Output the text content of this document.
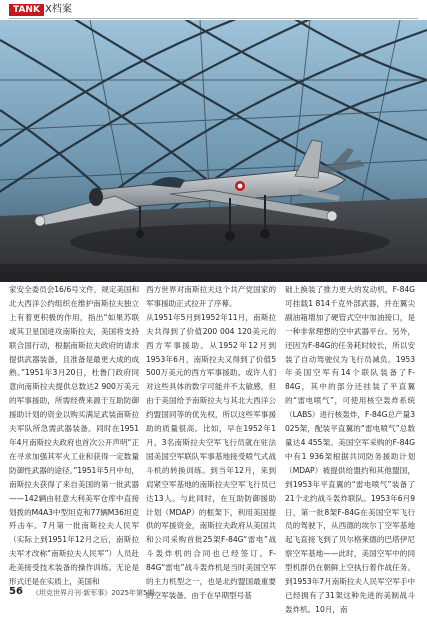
TANK X档案

家安全委员会16/6号文件，规定美国和北大西洋公约组织在维护南斯拉夫独立上有着更积极的作用，指出“如果苏联或其卫星国进攻南斯拉夫，美国将支持联合国行动，根据南斯拉夫政府的请求提供武器装备，且准备是最更大成的成熟。”1951年3月20日，杜鲁门政府同意向南斯拉夫提供总数达2 900万美元的军事援助，所需经费来源于互助防御援助计划的资金以购买满足武装南斯拉夫军队所急需武器装备。同时在1951年4月南斯拉夫政府也首次公开声明“正在寻求加强其军火工业和获得一定数量防御性武器的途径。”1951年5月中旬，南斯拉夫获得了来自美国的第一批武器——142辆由驻意大利美军仓库中直接划拨的M4A3中型坦克和77辆M36坦克歼击车。7月第一批南斯拉夫人民军（实际上到1951年12月之后，南斯拉夫军才改称“南斯拉夫人民军”）人员赴赴美接受技术装备的操作训练。无论是形式还是在实质上，美国和

西方世界对南斯拉夫这个共产党国家的军事援助正式拉开了序幕。
从1951年5月到1952年11月，南斯拉夫共得到了价值200 004 120美元的西方军事援助。从1952年12月到1953年6月，南斯拉夫又得到了价值5 500万美元的西方军事援助。或许人们对这些具体的数字可能并不太敏感，但由于美国给予南斯拉夫与其北大西洋公约盟国同等的优先权，所以这些军事援助的质量很高。比如，早在1952年1月，3名南斯拉夫空军飞行员就在驻法国美国空军联队军事基地接受喷气式战斗机的转换训练。到当年12月，来到肩紧空军基地的南斯拉夫空军飞行员已达13人。与此同时，在互助防御援助计划（MDAP）的框架下，利用美国提供的军援资金，南斯拉夫政府从美国共和公司采购首批25架F-84G“雷电”战斗轰炸机的合同也已经签订。F-84G“雷电”战斗轰炸机是当时美国空军的主力机型之一，也是北约盟国最重要的空军装备。由于在早期型号基

础上换装了推力更大的发动机，F-84G可挂载1 814千克外部武器，并在翼尖副油箱增加了硬管式空中加油接口，是一种非常理想的空中武器平台。另外，还因为F-84G的任务耗时较长，所以安装了自动驾驶仪为飞行员减负。1953年美国空军有14个联队装备了F-84G，其中的部分还挂装了平直翼的“雷电喷气”，可使用核空轰炸系统（LABS）进行核轰炸，F-84G总产量3 025架，配装平直翼的“雷电喷气”总数量达4 455架。美国空军采购的F-84G中有1 936架根据共同防务援助计划（MDAP）被提供给盟约和其他盟国，到1953年平直翼的“雷电喷气”装备了21个北约战斗轰炸联队。1953年6月9日，第一批8架F-84G在美国空军飞行员的驾驶下，从西德的埃尔丁空军基地起飞直接飞到了贝尔格莱德的巴塔伊尼察空军基地——此时，美国空军中的同型机群仍在朝鲜上空执行着作战任务。到1953年7月南斯拉夫人民军空军手中已经拥有了31架这种先进的美制战斗轰炸机。10月，南

56 《坦克世界月刊·新军事》2025年第5期
